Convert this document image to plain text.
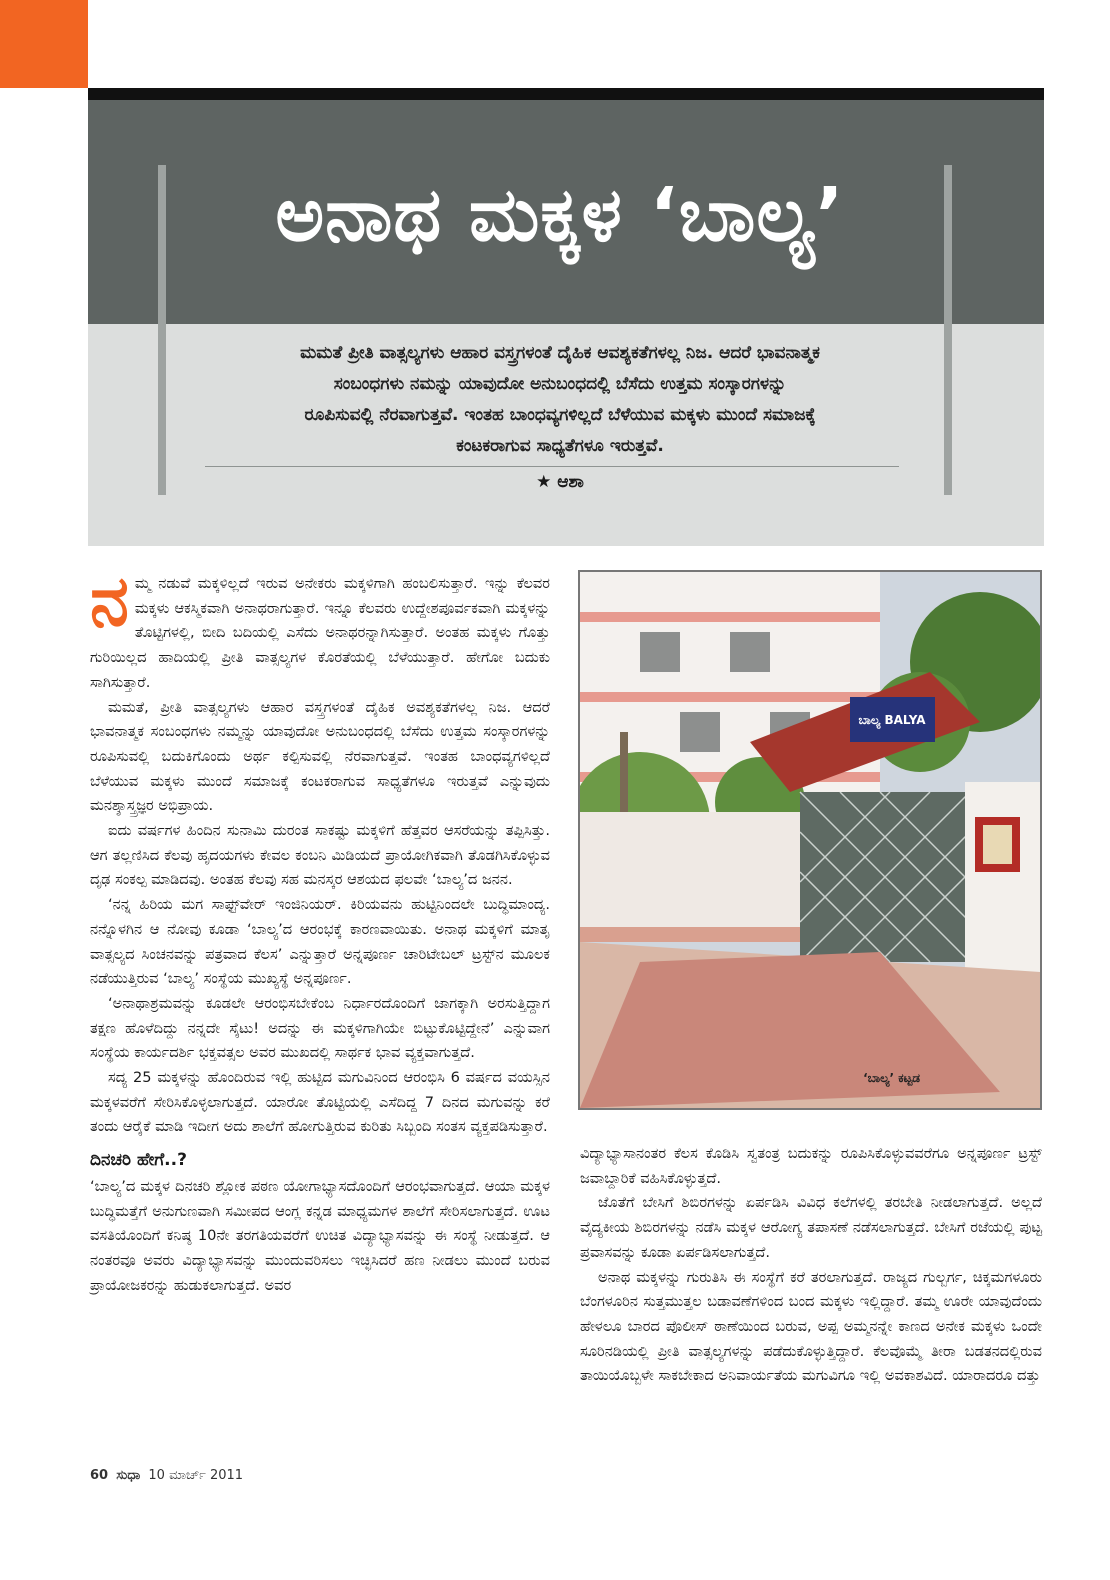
ಅನಾಥ ಮಕ್ಕಳ ‘ಬಾಲ್ಯ’

ಮಮತೆ ಪ್ರೀತಿ ವಾತ್ಸಲ್ಯಗಳು ಆಹಾರ ವಸ್ತ್ರಗಳಂತೆ ದೈಹಿಕ ಆವಶ್ಯಕತೆಗಳಲ್ಲ ನಿಜ. ಆದರೆ ಭಾವನಾತ್ಮಕ

ಸಂಬಂಧಗಳು ನಮನ್ನು ಯಾವುದೋ ಅನುಬಂಧದಲ್ಲಿ ಬೆಸೆದು ಉತ್ತಮ ಸಂಸ್ಕಾರಗಳನ್ನು

ರೂಪಿಸುವಲ್ಲಿ ನೆರವಾಗುತ್ತವೆ. ಇಂತಹ ಬಾಂಧವ್ಯಗಳಿಲ್ಲದೆ ಬೆಳೆಯುವ ಮಕ್ಕಳು ಮುಂದೆ ಸಮಾಜಕ್ಕೆ

ಕಂಟಕರಾಗುವ ಸಾಧ್ಯತೆಗಳೂ ಇರುತ್ತವೆ.

★ ಆಶಾ
ನ ಮ್ಮ ನಡುವೆ ಮಕ್ಕಳಿಲ್ಲದೆ ಇರುವ ಅನೇಕರು ಮಕ್ಕಳಿಗಾಗಿ ಹಂಬಲಿಸುತ್ತಾರೆ. ಇನ್ನು ಕೆಲವರ ಮಕ್ಕಳು ಆಕಸ್ಮಿಕವಾಗಿ ಅನಾಥರಾಗುತ್ತಾರೆ. ಇನ್ನೂ ಕೆಲವರು ಉದ್ದೇಶಪೂರ್ವಕವಾಗಿ ಮಕ್ಕಳನ್ನು ತೊಟ್ಟಿಗಳಲ್ಲಿ, ಬೀದಿ ಬದಿಯಲ್ಲಿ ಎಸೆದು ಅನಾಥರನ್ನಾಗಿಸುತ್ತಾರೆ. ಅಂತಹ ಮಕ್ಕಳು ಗೊತ್ತು ಗುರಿಯಿಲ್ಲದ ಹಾದಿಯಲ್ಲಿ ಪ್ರೀತಿ ವಾತ್ಸಲ್ಯಗಳ ಕೊರತೆಯಲ್ಲಿ ಬೆಳೆಯುತ್ತಾರೆ. ಹೇಗೋ ಬದುಕು ಸಾಗಿಸುತ್ತಾರೆ.

ಮಮತೆ, ಪ್ರೀತಿ ವಾತ್ಸಲ್ಯಗಳು ಆಹಾರ ವಸ್ತ್ರಗಳಂತೆ ದೈಹಿಕ ಅವಶ್ಯಕತೆಗಳಲ್ಲ ನಿಜ. ಆದರೆ ಭಾವನಾತ್ಮಕ ಸಂಬಂಧಗಳು ನಮ್ಮನ್ನು ಯಾವುದೋ ಅನುಬಂಧದಲ್ಲಿ ಬೆಸೆದು ಉತ್ತಮ ಸಂಸ್ಕಾರಗಳನ್ನು ರೂಪಿಸುವಲ್ಲಿ ಬದುಕಿಗೊಂದು ಅರ್ಥ ಕಲ್ಪಿಸುವಲ್ಲಿ ನೆರವಾಗುತ್ತವೆ. ಇಂತಹ ಬಾಂಧವ್ಯಗಳಿಲ್ಲದೆ ಬೆಳೆಯುವ ಮಕ್ಕಳು ಮುಂದೆ ಸಮಾಜಕ್ಕೆ ಕಂಟಕರಾಗುವ ಸಾಧ್ಯತೆಗಳೂ ಇರುತ್ತವೆ ಎನ್ನುವುದು ಮನಶ್ಶಾಸ್ತ್ರಜ್ಞರ ಅಭಿಪ್ರಾಯ.

ಐದು ವರ್ಷಗಳ ಹಿಂದಿನ ಸುನಾಮಿ ದುರಂತ ಸಾಕಷ್ಟು ಮಕ್ಕಳಿಗೆ ಹೆತ್ತವರ ಆಸರೆಯನ್ನು ತಪ್ಪಿಸಿತ್ತು. ಆಗ ತಲ್ಲಣಿಸಿದ ಕೆಲವು ಹೃದಯಗಳು ಕೇವಲ ಕಂಬನಿ ಮಿಡಿಯದೆ ಪ್ರಾಯೋಗಿಕವಾಗಿ ತೊಡಗಿಸಿಕೊಳ್ಳುವ ದೃಢ ಸಂಕಲ್ಪ ಮಾಡಿದವು. ಅಂತಹ ಕೆಲವು ಸಹ ಮನಸ್ಕರ ಆಶಯದ ಫಲವೇ ‘ಬಾಲ್ಯ’ದ ಜನನ.

‘ನನ್ನ ಹಿರಿಯ ಮಗ ಸಾಫ್ಟ್‌ವೇರ್ ಇಂಜಿನಿಯರ್. ಕಿರಿಯವನು ಹುಟ್ಟಿನಿಂದಲೇ ಬುದ್ಧಿಮಾಂದ್ಯ. ನನ್ನೊಳಗಿನ ಆ ನೋವು ಕೂಡಾ ‘ಬಾಲ್ಯ’ದ ಆರಂಭಕ್ಕೆ ಕಾರಣವಾಯಿತು. ಅನಾಥ ಮಕ್ಕಳಿಗೆ ಮಾತೃ ವಾತ್ಸಲ್ಯದ ಸಿಂಚನವನ್ನು ಪತ್ರವಾದ ಕೆಲಸ’ ಎನ್ನುತ್ತಾರೆ ಅನ್ನಪೂರ್ಣ ಚಾರಿಟೇಬಲ್ ಟ್ರಸ್ಟ್‌ನ ಮೂಲಕ ನಡೆಯುತ್ತಿರುವ ‘ಬಾಲ್ಯ’ ಸಂಸ್ಥೆಯ ಮುಖ್ಯಸ್ಥೆ ಅನ್ನಪೂರ್ಣ.

‘ಅನಾಥಾಶ್ರಮವನ್ನು ಕೂಡಲೇ ಆರಂಭಿಸಬೇಕೆಂಬ ನಿರ್ಧಾರದೊಂದಿಗೆ ಜಾಗಕ್ಕಾಗಿ ಅರಸುತ್ತಿದ್ದಾಗ ತಕ್ಷಣ ಹೊಳೆದಿದ್ದು ನನ್ನದೇ ಸೈಟು! ಅದನ್ನು ಈ ಮಕ್ಕಳಿಗಾಗಿಯೇ ಬಿಟ್ಟುಕೊಟ್ಟಿದ್ದೇನೆ’ ಎನ್ನುವಾಗ ಸಂಸ್ಥೆಯ ಕಾರ್ಯದರ್ಶಿ ಭಕ್ತವತ್ಸಲ ಅವರ ಮುಖದಲ್ಲಿ ಸಾರ್ಥಕ ಭಾವ ವ್ಯಕ್ತವಾಗುತ್ತದೆ.

ಸದ್ಯ 25 ಮಕ್ಕಳನ್ನು ಹೊಂದಿರುವ ಇಲ್ಲಿ ಹುಟ್ಟಿದ ಮಗುವಿನಿಂದ ಆರಂಭಿಸಿ 6 ವರ್ಷದ ವಯಸ್ಸಿನ ಮಕ್ಕಳವರೆಗೆ ಸೇರಿಸಿಕೊಳ್ಳಲಾಗುತ್ತದೆ. ಯಾರೋ ತೊಟ್ಟಿಯಲ್ಲಿ ಎಸೆದಿದ್ದ 7 ದಿನದ ಮಗುವನ್ನು ಕರೆ ತಂದು ಆರೈಕೆ ಮಾಡಿ ಇದೀಗ ಅದು ಶಾಲೆಗೆ ಹೋಗುತ್ತಿರುವ ಕುರಿತು ಸಿಬ್ಬಂದಿ ಸಂತಸ ವ್ಯಕ್ತಪಡಿಸುತ್ತಾರೆ.

ದಿನಚರಿ ಹೇಗೆ..?

‘ಬಾಲ್ಯ’ದ ಮಕ್ಕಳ ದಿನಚರಿ ಶ್ಲೋಕ ಪಠಣ ಯೋಗಾಭ್ಯಾಸದೊಂದಿಗೆ ಆರಂಭವಾಗುತ್ತದೆ. ಆಯಾ ಮಕ್ಕಳ ಬುದ್ಧಿಮತ್ತೆಗೆ ಅನುಗುಣವಾಗಿ ಸಮೀಪದ ಆಂಗ್ಲ ಕನ್ನಡ ಮಾಧ್ಯಮಗಳ ಶಾಲೆಗೆ ಸೇರಿಸಲಾಗುತ್ತದೆ. ಊಟ ವಸತಿಯೊಂದಿಗೆ ಕನಿಷ್ಠ 10ನೇ ತರಗತಿಯವರೆಗೆ ಉಚಿತ ವಿದ್ಯಾಭ್ಯಾಸವನ್ನು ಈ ಸಂಸ್ಥೆ ನೀಡುತ್ತದೆ. ಆ ನಂತರವೂ ಅವರು ವಿದ್ಯಾಭ್ಯಾಸವನ್ನು ಮುಂದುವರಿಸಲು ಇಚ್ಛಿಸಿದರೆ ಹಣ ನೀಡಲು ಮುಂದೆ ಬರುವ ಪ್ರಾಯೋಜಕರನ್ನು ಹುಡುಕಲಾಗುತ್ತದೆ. ಅವರ

ಬಾಲ್ಯ BALYA
‘ಬಾಲ್ಯ’ ಕಟ್ಟಡ

ವಿದ್ಯಾಭ್ಯಾಸಾನಂತರ ಕೆಲಸ ಕೊಡಿಸಿ ಸ್ವತಂತ್ರ ಬದುಕನ್ನು ರೂಪಿಸಿಕೊಳ್ಳುವವರೆಗೂ ಅನ್ನಪೂರ್ಣ ಟ್ರಸ್ಟ್ ಜವಾಬ್ದಾರಿಕೆ ವಹಿಸಿಕೊಳ್ಳುತ್ತದೆ.

ಜೊತೆಗೆ ಬೇಸಿಗೆ ಶಿಬಿರಗಳನ್ನು ಏರ್ಪಡಿಸಿ ವಿವಿಧ ಕಲೆಗಳಲ್ಲಿ ತರಬೇತಿ ನೀಡಲಾಗುತ್ತದೆ. ಅಲ್ಲದೆ ವೈದ್ಯಕೀಯ ಶಿಬಿರಗಳನ್ನು ನಡೆಸಿ ಮಕ್ಕಳ ಆರೋಗ್ಯ ತಪಾಸಣೆ ನಡೆಸಲಾಗುತ್ತದೆ. ಬೇಸಿಗೆ ರಜೆಯಲ್ಲಿ ಪುಟ್ಟ ಪ್ರವಾಸವನ್ನು ಕೂಡಾ ಏರ್ಪಡಿಸಲಾಗುತ್ತದೆ.

ಅನಾಥ ಮಕ್ಕಳನ್ನು ಗುರುತಿಸಿ ಈ ಸಂಸ್ಥೆಗೆ ಕರೆ ತರಲಾಗುತ್ತದೆ. ರಾಜ್ಯದ ಗುಲ್ಬರ್ಗ, ಚಿಕ್ಕಮಗಳೂರು ಬೆಂಗಳೂರಿನ ಸುತ್ತಮುತ್ತಲ ಬಡಾವಣೆಗಳಿಂದ ಬಂದ ಮಕ್ಕಳು ಇಲ್ಲಿದ್ದಾರೆ. ತಮ್ಮ ಊರೇ ಯಾವುದೆಂದು ಹೇಳಲೂ ಬಾರದ ಪೊಲೀಸ್ ಠಾಣೆಯಿಂದ ಬರುವ, ಅಪ್ಪ ಅಮ್ಮನನ್ನೇ ಕಾಣದ ಅನೇಕ ಮಕ್ಕಳು ಒಂದೇ ಸೂರಿನಡಿಯಲ್ಲಿ ಪ್ರೀತಿ ವಾತ್ಸಲ್ಯಗಳನ್ನು ಪಡೆದುಕೊಳ್ಳುತ್ತಿದ್ದಾರೆ. ಕೆಲವೊಮ್ಮೆ ತೀರಾ ಬಡತನದಲ್ಲಿರುವ ತಾಯಿಯೊಬ್ಬಳೇ ಸಾಕಬೇಕಾದ ಅನಿವಾರ್ಯತೆಯ ಮಗುವಿಗೂ ಇಲ್ಲಿ ಅವಕಾಶವಿದೆ. ಯಾರಾದರೂ ದತ್ತು

60 ಸುಧಾ 10 ಮಾರ್ಚ್ 2011
